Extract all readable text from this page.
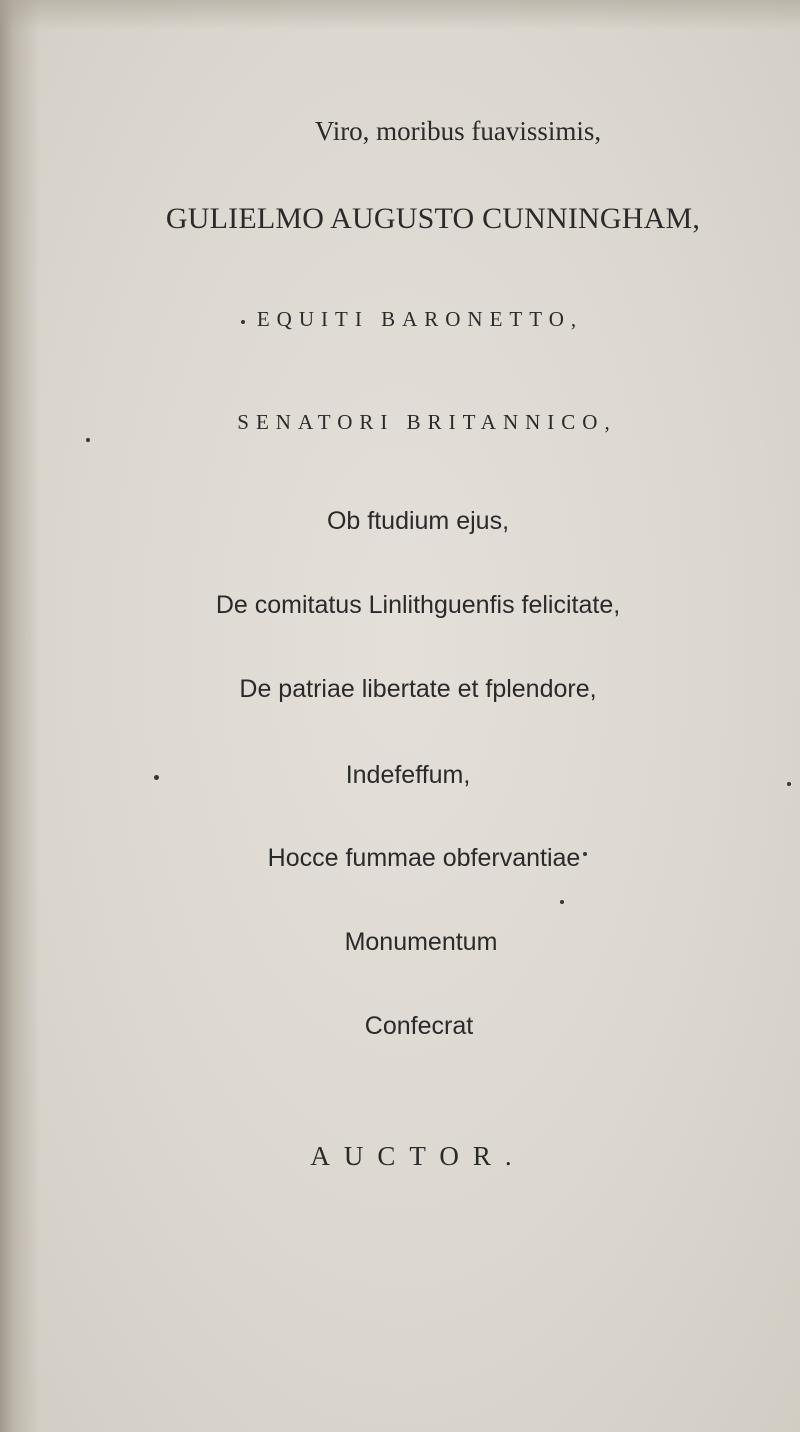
Viro, moribus fuavissimis,
GULIELMO AUGUSTO CUNNINGHAM,
EQUITI BARONETTO,
SENATORI BRITANNICO,
Ob ftudium ejus,
De comitatus Linlithguenfis felicitate,
De patriae libertate et fplendore,
Indefeffum,
Hocce fummae obfervantiae
Monumentum
Confecrat
AUCTOR.
